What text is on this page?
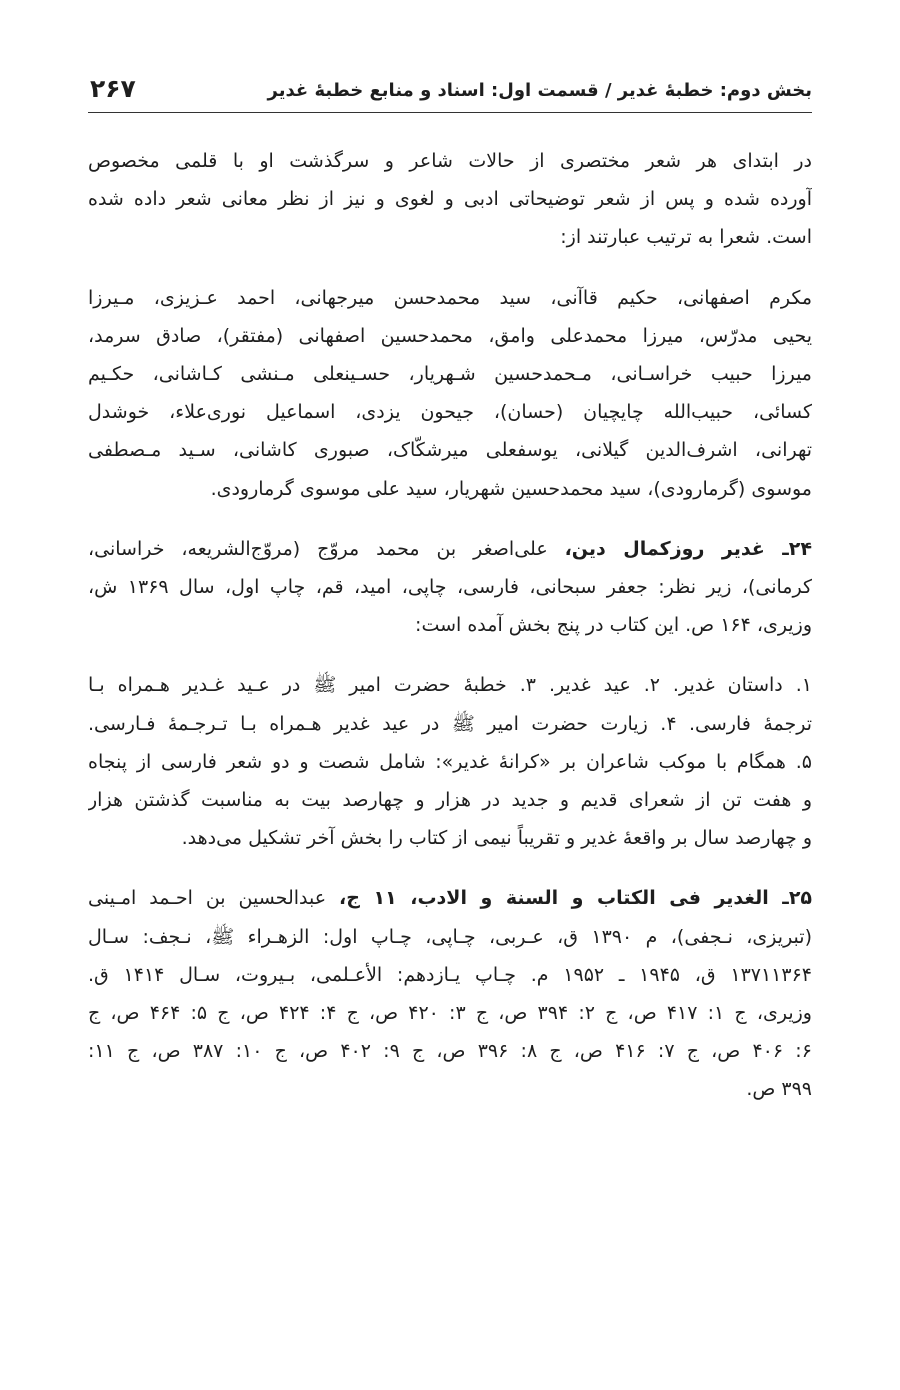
بخش دوم: خطبهٔ غدیر / قسمت اول: اسناد و منابع خطبهٔ غدیر
۲۶۷
در ابتدای هر شعر مختصری از حالات شاعر و سرگذشت او با قلمی مخصوص
آورده شده و پس از شعر توضیحاتی ادبی و لغوی و نیز از نظر معانی شعر داده شده
است. شعرا به ترتیب عبارتند از:
مکرم اصفهانی، حکیم قاآنی، سید محمدحسن میرجهانی، احمد عـزیزی، مـیرزا
یحیی مدرّس، میرزا محمدعلی وامق، محمدحسین اصفهانی (مفتقر)، صادق سرمد،
میرزا حبیب خراسـانی، مـحمدحسین شـهریار، حسـینعلی مـنشی کـاشانی، حکـیم
کسائی، حبیب‌الله چایچیان (حسان)، جیحون یزدی، اسماعیل نوری‌علاء، خوشدل
تهرانی، اشرف‌الدین گیلانی، یوسفعلی میرشکّاک، صبوری کاشانی، سـید مـصطفی
موسوی (گرمارودی)، سید محمدحسین شهریار، سید علی موسوی گرمارودی.
۲۴ـ غدیر روزکمال دین، علی‌اصغر بن محمد مروّج (مروّج‌الشریعه، خراسانی،
کرمانی)، زیر نظر: جعفر سبحانی، فارسی، چاپی، امید، قم، چاپ اول، سال ۱۳۶۹ ش،
وزیری، ۱۶۴ ص. این کتاب در پنج بخش آمده است:
۱. داستان غدیر. ۲. عید غدیر. ۳. خطبهٔ حضرت امیر ﷺ در عـید غـدیر هـمراه بـا
ترجمهٔ فارسی. ۴. زیارت حضرت امیر ﷺ در عید غدیر هـمراه بـا تـرجـمهٔ فـارسی.
۵. همگام با موکب شاعران بر «کرانهٔ غدیر»: شامل شصت و دو شعر فارسی از پنجاه
و هفت تن از شعرای قدیم و جدید در هزار و چهارصد بیت به مناسبت گذشتن هزار
و چهارصد سال بر واقعهٔ غدیر و تقریباً نیمی از کتاب را بخش آخر تشکیل می‌دهد.
۲۵ـ الغدیر فی الکتاب و السنة و الادب، ۱۱ ج، عبدالحسین بن احـمد امـینی
(تبریزی، نـجفی)، م ۱۳۹۰ ق، عـربی، چـاپی، چـاپ اول: الزهـراء ﷺ، نـجف: سـال
۱۳۷۱‌۱۳۶۴ ق، ۱۹۴۵ ـ ۱۹۵۲ م. چـاپ یـازدهم: الأعـلمی، بـیروت، سـال ۱۴۱۴ ق.
وزیری، ج ۱: ۴۱۷ ص، ج ۲: ۳۹۴ ص، ج ۳: ۴۲۰ ص، ج ۴: ۴۲۴ ص، ج ۵: ۴۶۴ ص، ج
۶: ۴۰۶ ص، ج ۷: ۴۱۶ ص، ج ۸: ۳۹۶ ص، ج ۹: ۴۰۲ ص، ج ۱۰: ۳۸۷ ص، ج ۱۱:
۳۹۹ ص.
